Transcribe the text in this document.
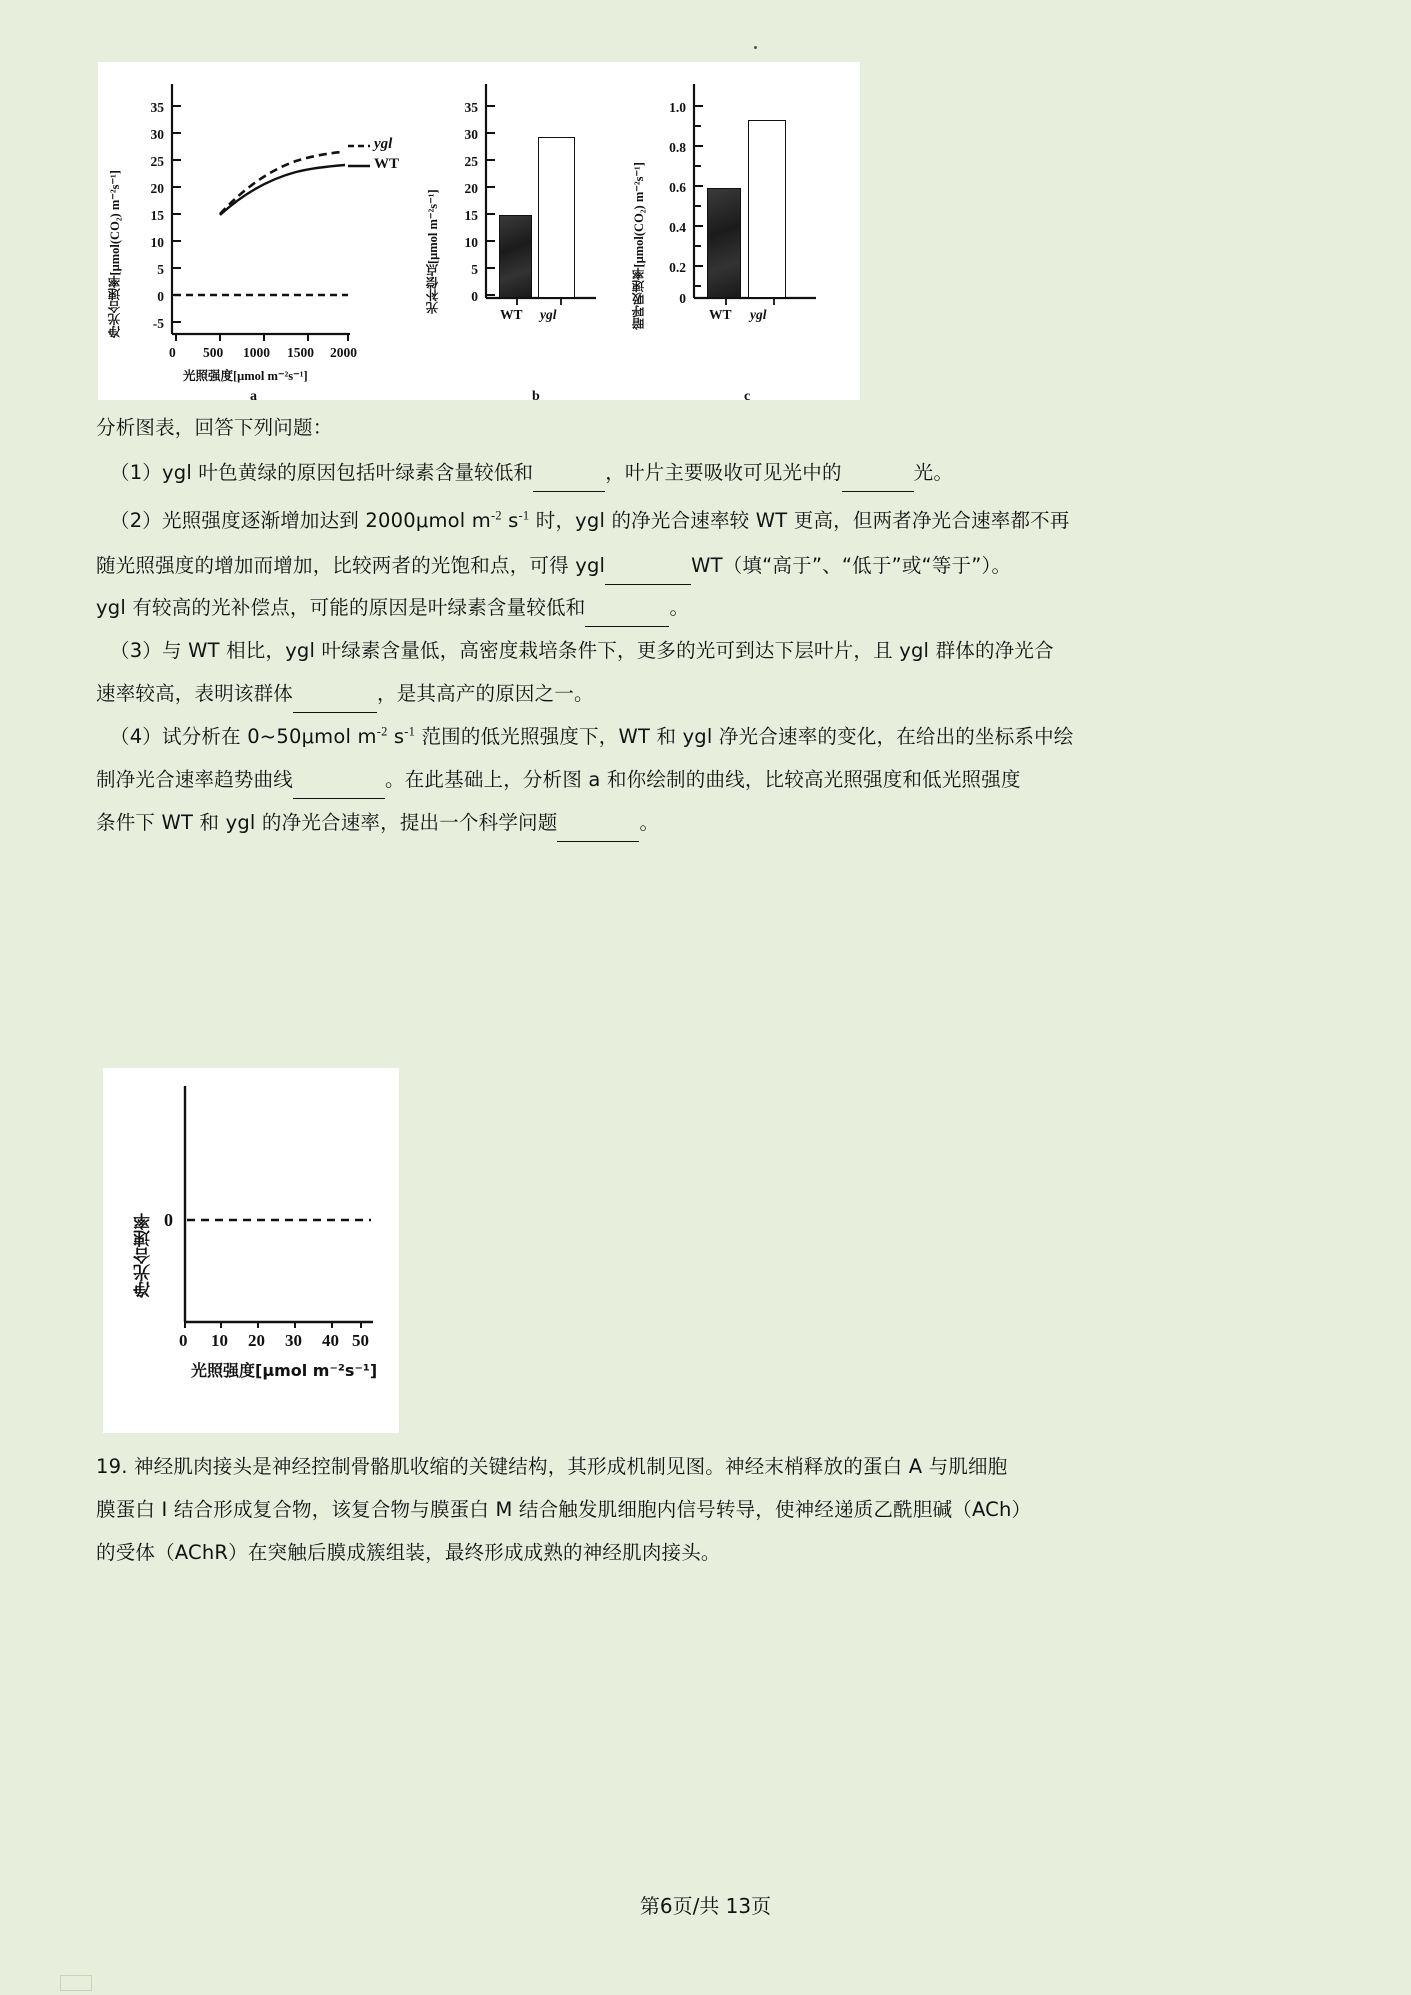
净光合速率[μmol(CO₂) m⁻²s⁻¹]
35
30
25
20
15
10
5
0
-5
ygl
WT
0 500 1000 1500 2000
光照强度[μmol m⁻²s⁻¹]
a
光补偿点[μmol m⁻²s⁻¹]
35
30
25
20
15
10
5
0
WT ygl
b
暗呼吸速率[μmol(CO₂) m⁻²s⁻¹]
1.0
0.8
0.6
0.4
0.2
0
WT ygl
c
分析图表，回答下列问题：
（1）ygl 叶色黄绿的原因包括叶绿素含量较低和	，叶片主要吸收可见光中的	光。
（2）光照强度逐渐增加达到 2000μmol $m^{-2}$ $s^{-1}$ 时，ygl 的净光合速率较 WT 更高，但两者净光合速率都不再
随光照强度的增加而增加，比较两者的光饱和点，可得 ygl	WT（填“高于”、“低于”或“等于”）。
ygl 有较高的光补偿点，可能的原因是叶绿素含量较低和	。
（3）与 WT 相比，ygl 叶绿素含量低，高密度栽培条件下，更多的光可到达下层叶片，且 ygl 群体的净光合
速率较高，表明该群体	，是其高产的原因之一。
（4）试分析在 0~50μmol $m^{-2}$ $s^{-1}$ 范围的低光照强度下，WT 和 ygl 净光合速率的变化，在给出的坐标系中绘
制净光合速率趋势曲线	。在此基础上，分析图 a 和你绘制的曲线，比较高光照强度和低光照强度
条件下 WT 和 ygl 的净光合速率，提出一个科学问题	。
净光合速率 0
0 10 20 30 40 50
光照强度[μmol m⁻²s⁻¹]
19. 神经肌肉接头是神经控制骨骼肌收缩的关键结构，其形成机制见图。神经末梢释放的蛋白 A 与肌细胞
膜蛋白 I 结合形成复合物，该复合物与膜蛋白 M 结合触发肌细胞内信号转导，使神经递质乙酰胆碱（ACh）
的受体（AChR）在突触后膜成簇组装，最终形成成熟的神经肌肉接头。
第6页/共 13页
